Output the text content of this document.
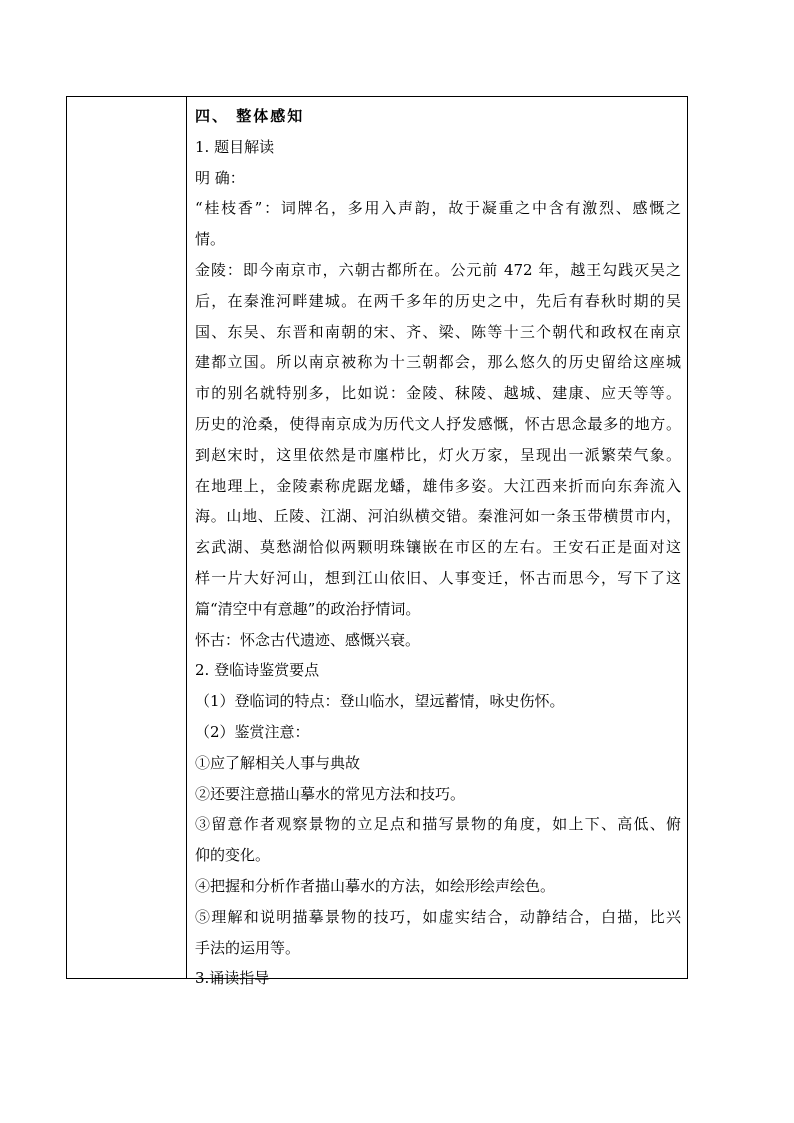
四、 整体感知
1. 题目解读
明 确：
“桂枝香”：词牌名，多用入声韵，故于凝重之中含有激烈、感慨之
情。
金陵：即今南京市，六朝古都所在。公元前 472 年，越王勾践灭吴之
后，在秦淮河畔建城。在两千多年的历史之中，先后有春秋时期的吴
国、东吴、东晋和南朝的宋、齐、梁、陈等十三个朝代和政权在南京
建都立国。所以南京被称为十三朝都会，那么悠久的历史留给这座城
市的别名就特别多，比如说：金陵、秣陵、越城、建康、应天等等。
历史的沧桑，使得南京成为历代文人抒发感慨，怀古思念最多的地方。
到赵宋时，这里依然是市廛栉比，灯火万家，呈现出一派繁荣气象。
在地理上，金陵素称虎踞龙蟠，雄伟多姿。大江西来折而向东奔流入
海。山地、丘陵、江湖、河泊纵横交错。秦淮河如一条玉带横贯市内，
玄武湖、莫愁湖恰似两颗明珠镶嵌在市区的左右。王安石正是面对这
样一片大好河山，想到江山依旧、人事变迁，怀古而思今，写下了这
篇“清空中有意趣”的政治抒情词。
怀古：怀念古代遗迹、感慨兴衰。
2. 登临诗鉴赏要点
（1）登临词的特点：登山临水，望远蓄情，咏史伤怀。
（2）鉴赏注意：
①应了解相关人事与典故
②还要注意描山摹水的常见方法和技巧。
③留意作者观察景物的立足点和描写景物的角度，如上下、高低、俯
仰的变化。
④把握和分析作者描山摹水的方法，如绘形绘声绘色。
⑤理解和说明描摹景物的技巧，如虚实结合，动静结合，白描，比兴
手法的运用等。
3.诵读指导
